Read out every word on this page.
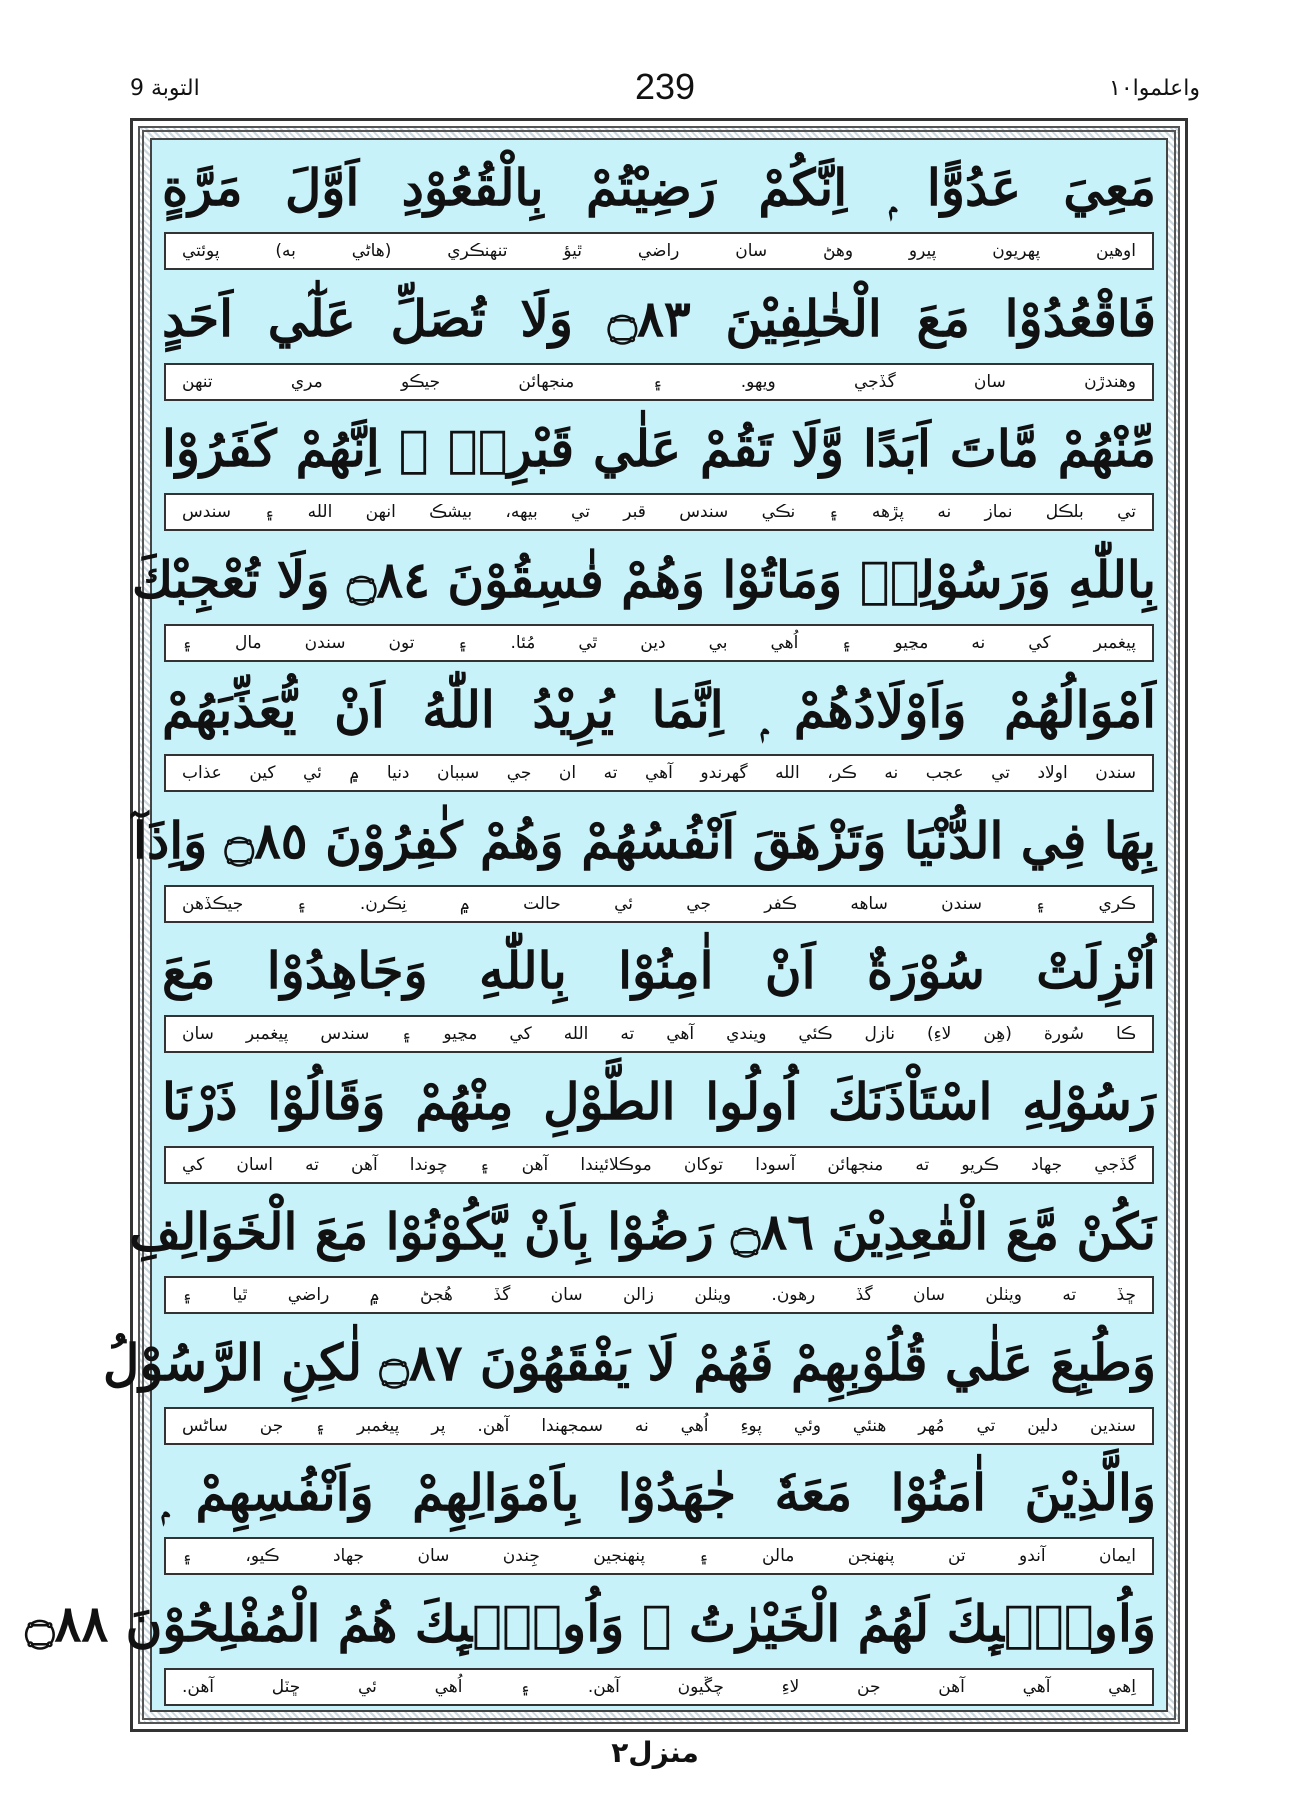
التوبة 9	239	واعلموا١٠
مَعِيَ عَدُوًّا ۭ اِنَّكُمْ رَضِيْتُمْ بِالْقُعُوْدِ اَوَّلَ مَرَّةٍ
اوهين پهريون پيرو وهڻ سان راضي ٿيؤ تنهنڪري (هاڻي به) پوئتي
فَاقْعُدُوْا مَعَ الْخٰلِفِيْنَ ۝٨٣ وَلَا تُصَلِّ عَلٰٓي اَحَدٍ
وهندڙن سان گڏجي ويهو. ۽ منجهائن جيڪو مري تنهن
مِّنْهُمْ مَّاتَ اَبَدًا وَّلَا تَقُمْ عَلٰي قَبْرِهٖ ۭ اِنَّهُمْ كَفَرُوْا
تي بلڪل نماز نه پڙهه ۽ نڪي سندس قبر تي بيهه، بيشڪ انهن الله ۽ سندس
بِاللّٰهِ وَرَسُوْلِهٖ وَمَاتُوْا وَهُمْ فٰسِقُوْنَ ۝٨٤ وَلَا تُعْجِبْكَ
پيغمبر کي نه مڃيو ۽ اُهي بي دين ٿي مُئا. ۽ تون سندن مال ۽
اَمْوَالُهُمْ وَاَوْلَادُهُمْ ۭ اِنَّمَا يُرِيْدُ اللّٰهُ اَنْ يُّعَذِّبَهُمْ
سندن اولاد تي عجب نه ڪر، الله گهرندو آهي ته ان جي سببان دنيا ۾ ئي کين عذاب
بِهَا فِي الدُّنْيَا وَتَزْهَقَ اَنْفُسُهُمْ وَهُمْ كٰفِرُوْنَ ۝٨٥ وَاِذَآ
ڪري ۽ سندن ساهه ڪفر جي ئي حالت ۾ نِڪرن. ۽ جيڪڏهن
اُنْزِلَتْ سُوْرَةٌ اَنْ اٰمِنُوْا بِاللّٰهِ وَجَاهِدُوْا مَعَ
ڪا سُورة (هِن لاءِ) نازل ڪئي ويندي آهي ته الله کي مڃيو ۽ سندس پيغمبر سان
رَسُوْلِهِ اسْتَاْذَنَكَ اُولُوا الطَّوْلِ مِنْهُمْ وَقَالُوْا ذَرْنَا
گڏجي جهاد ڪريو ته منجهائن آسودا توکان موڪلائيندا آهن ۽ چوندا آهن ته اسان کي
نَكُنْ مَّعَ الْقٰعِدِيْنَ ۝٨٦ رَضُوْا بِاَنْ يَّكُوْنُوْا مَعَ الْخَوَالِفِ
ڇڏ ته ويٺلن سان گڏ رهون. ويٺلن زالن سان گڏ هُجڻ ۾ راضي ٿيا ۽
وَطُبِعَ عَلٰي قُلُوْبِهِمْ فَهُمْ لَا يَفْقَهُوْنَ ۝٨٧ لٰكِنِ الرَّسُوْلُ
سندين دلين تي مُهر هنئي وئي پوءِ اُهي نه سمجهندا آهن. پر پيغمبر ۽ جن ساڻس
وَالَّذِيْنَ اٰمَنُوْا مَعَهٗ جٰهَدُوْا بِاَمْوَالِهِمْ وَاَنْفُسِهِمْ ۭ
ايمان آندو تن پنهنجن مالن ۽ پنهنجين جِندن سان جهاد ڪيو، ۽
وَاُولٰۗىِٕكَ لَهُمُ الْخَيْرٰتُ ۡ وَاُولٰۗىِٕكَ هُمُ الْمُفْلِحُوْنَ ۝٨٨
اِهي آهي آهن جن لاءِ چڱيون آهن. ۽ اُهي ئي ڇٽل آهن.
منزل٢
